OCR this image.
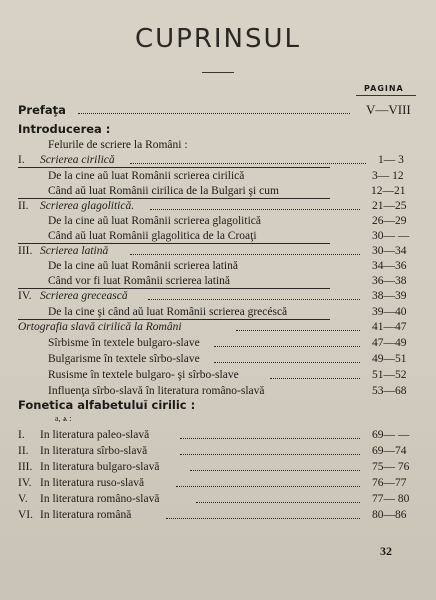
CUPRINSUL
PAGINA
Prefaţa	V—VIII
Introducerea :
Felurile de scriere la Români :
I. Scrierea cirilică	1— 3
De la cine aŭ luat Românii scrierea cirilică	3— 12
Când aŭ luat Românii cirilica de la Bulgari şi cum	12—21
II. Scrierea glagolitică.	21—25
De la cine aŭ luat Românii scrierea glagolitică	26—29
Când aŭ luat Românii glagolitica de la Croaţi	30— —
III. Scrierea latină	30—34
De la cine aŭ luat Românii scrierea latină	34—36
Când vor fi luat Românii scrierea latină	36—38
IV. Scrierea grecească	38—39
De la cine şi când aŭ luat Românii scrierea grecéscă	39—40
Ortografia slavă cirilică la Români	41—47
Sîrbisme în textele bulgaro-slave	47—49
Bulgarisme în textele sîrbo-slave	49—51
Rusisme în textele bulgaro- şi sîrbo-slave	51—52
Influenţa sîrbo-slavă în literatura româno-slavă	53—68
Fonetica alfabetuluĭ cirilic :
a, ѧ :
I. In literatura paleo-slavă	69— —
II. In literatura sîrbo-slavă	69—74
III. In literatura bulgaro-slavă	75— 76
IV. In literatura ruso-slavă	76—77
V. In literatura româno-slavă	77— 80
VI. In literatura română	80—86
32
